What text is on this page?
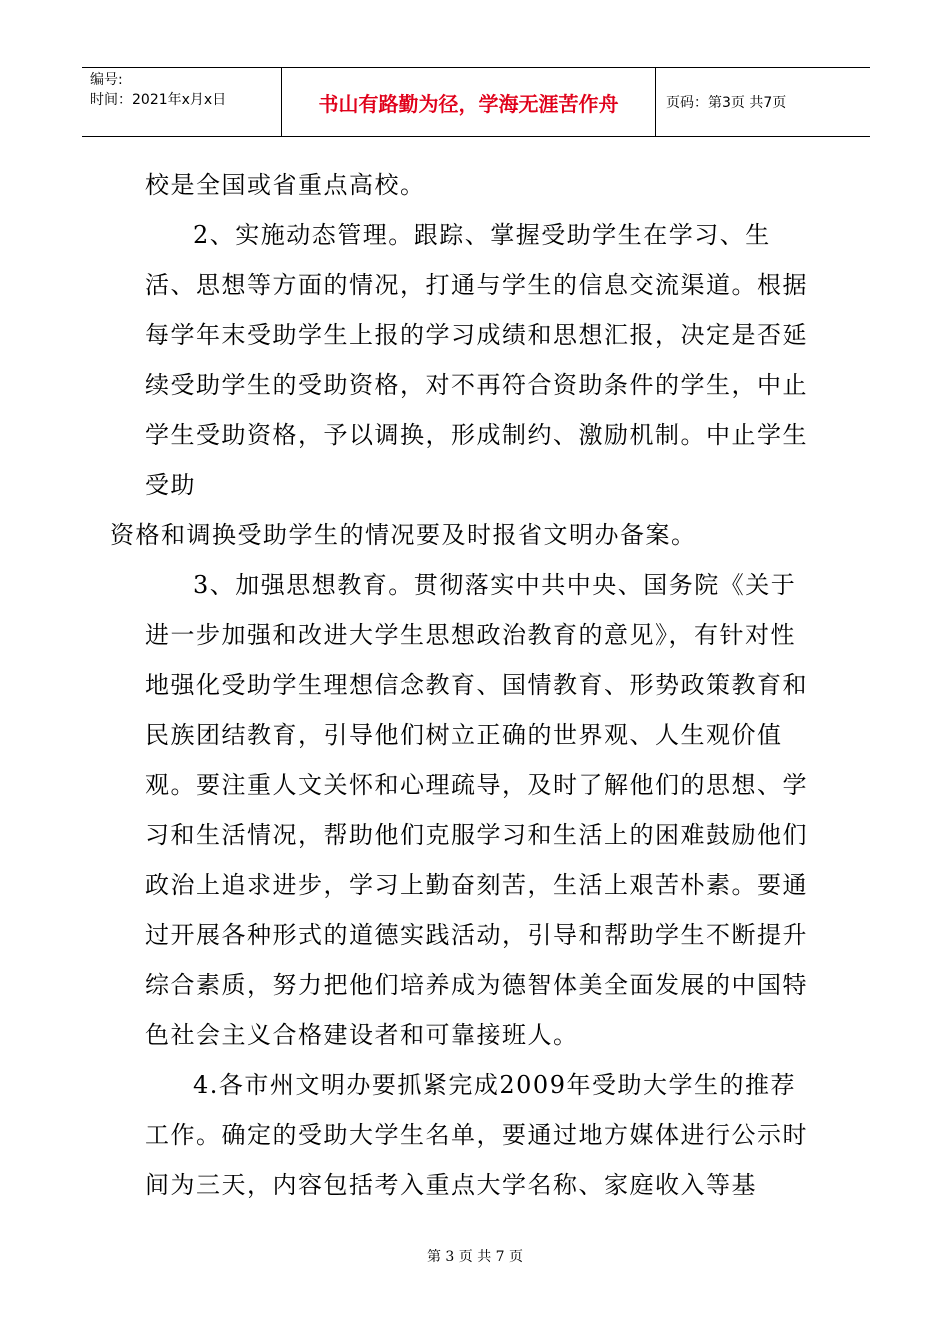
编号:
时间：2021年x月x日	书山有路勤为径，学海无涯苦作舟	页码：第3页 共7页

校是全国或省重点高校。

2、实施动态管理。跟踪、掌握受助学生在学习、生活、思想等方面的情况，打通与学生的信息交流渠道。根据每学年末受助学生上报的学习成绩和思想汇报，决定是否延续受助学生的受助资格，对不再符合资助条件的学生，中止学生受助资格，予以调换，形成制约、激励机制。中止学生受助

资格和调换受助学生的情况要及时报省文明办备案。

3、加强思想教育。贯彻落实中共中央、国务院《关于进一步加强和改进大学生思想政治教育的意见》，有针对性地强化受助学生理想信念教育、国情教育、形势政策教育和民族团结教育，引导他们树立正确的世界观、人生观价值观。要注重人文关怀和心理疏导，及时了解他们的思想、学习和生活情况，帮助他们克服学习和生活上的困难鼓励他们政治上追求进步，学习上勤奋刻苦，生活上艰苦朴素。要通过开展各种形式的道德实践活动，引导和帮助学生不断提升综合素质，努力把他们培养成为德智体美全面发展的中国特色社会主义合格建设者和可靠接班人。

4.各市州文明办要抓紧完成2009年受助大学生的推荐工作。确定的受助大学生名单，要通过地方媒体进行公示时间为三天，内容包括考入重点大学名称、家庭收入等基

第 3 页 共 7 页
